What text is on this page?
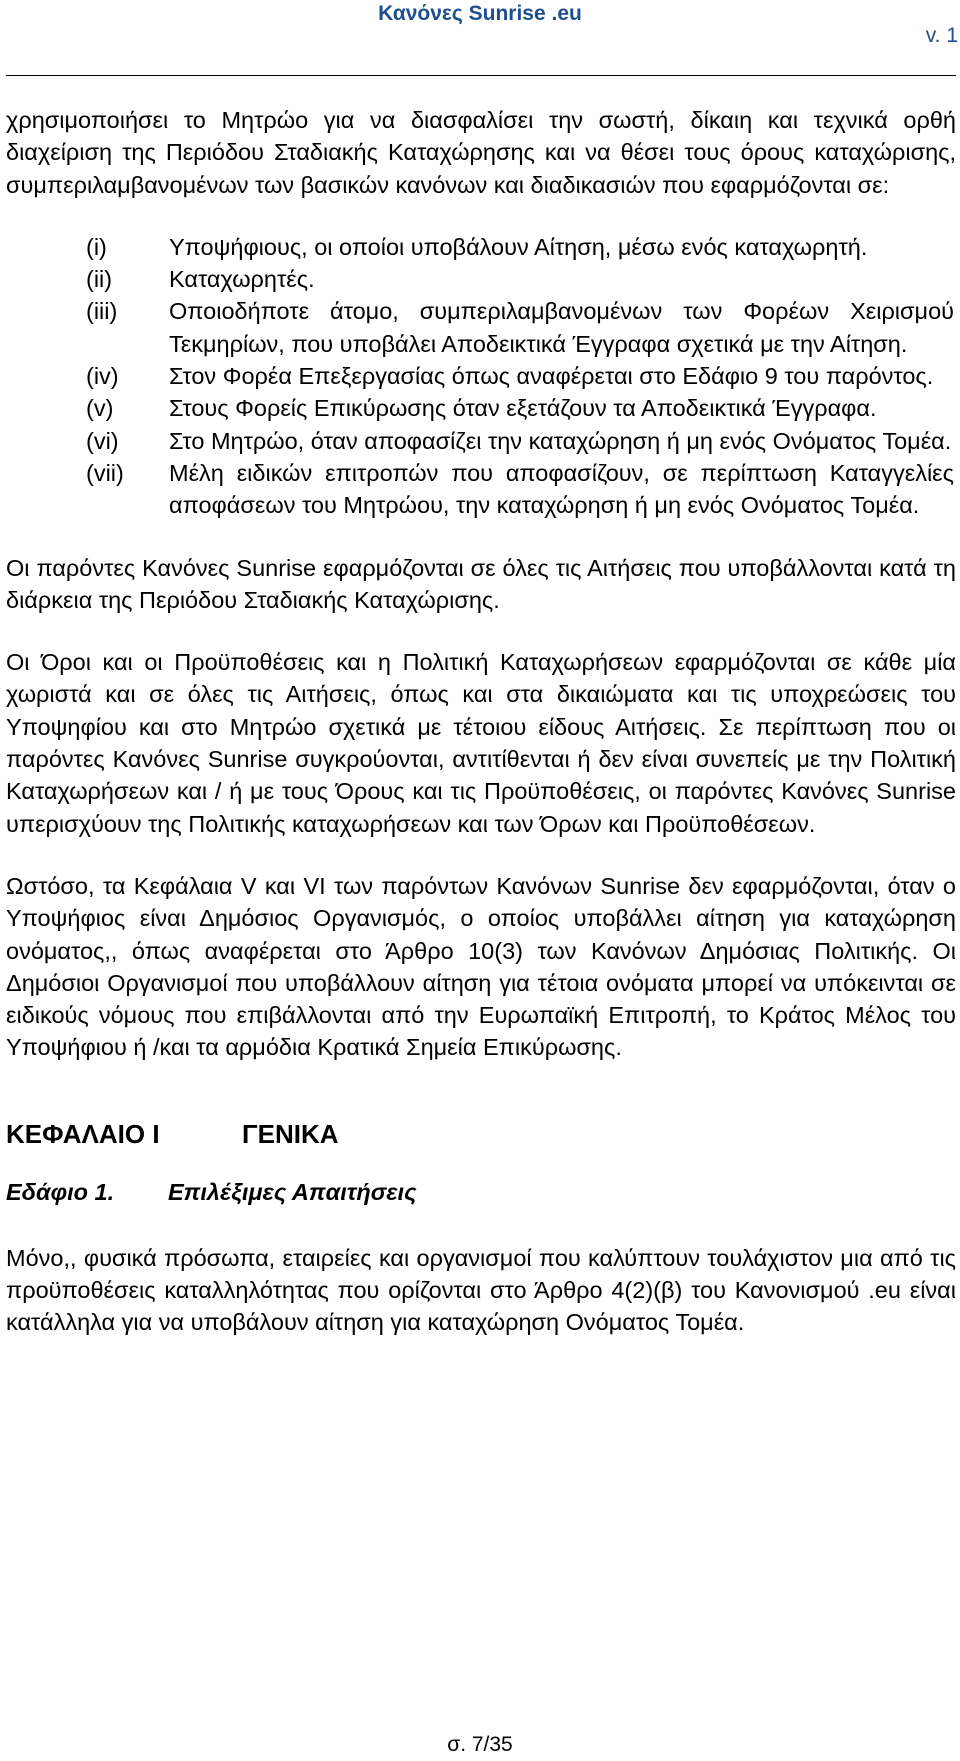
Κανόνες Sunrise .eu
v. 1

χρησιμοποιήσει το Μητρώο για να διασφαλίσει την σωστή, δίκαιη και τεχνικά ορθή διαχείριση της Περιόδου Σταδιακής Καταχώρησης και να θέσει τους όρους καταχώρισης, συμπεριλαμβανομένων των βασικών κανόνων και διαδικασιών που εφαρμόζονται σε:

(i)	Υποψήφιους, οι οποίοι υποβάλουν Αίτηση, μέσω ενός καταχωρητή.
(ii)	Καταχωρητές.
(iii)	Οποιοδήποτε άτομο, συμπεριλαμβανομένων των Φορέων Χειρισμού Τεκμηρίων, που υποβάλει Αποδεικτικά Έγγραφα σχετικά με την Αίτηση.
(iv)	Στον Φορέα Επεξεργασίας όπως αναφέρεται στο Εδάφιο 9 του παρόντος.
(v)	Στους Φορείς Επικύρωσης όταν εξετάζουν τα Αποδεικτικά Έγγραφα.
(vi)	Στο Μητρώο, όταν αποφασίζει την καταχώρηση ή μη ενός Ονόματος Τομέα.
(vii)	Μέλη ειδικών επιτροπών που αποφασίζουν, σε περίπτωση Καταγγελίες αποφάσεων του Μητρώου, την καταχώρηση ή μη ενός Ονόματος Τομέα.

Οι παρόντες Κανόνες Sunrise εφαρμόζονται σε όλες τις Αιτήσεις που υποβάλλονται κατά τη διάρκεια της Περιόδου Σταδιακής Καταχώρισης.

Οι Όροι και οι Προϋποθέσεις και η Πολιτική Καταχωρήσεων εφαρμόζονται σε κάθε μία χωριστά και σε όλες τις Αιτήσεις, όπως και στα δικαιώματα και τις υποχρεώσεις του Υποψηφίου και στο Μητρώο σχετικά με τέτοιου είδους Αιτήσεις. Σε περίπτωση που οι παρόντες Κανόνες Sunrise συγκρούονται, αντιτίθενται ή δεν είναι συνεπείς με την Πολιτική Καταχωρήσεων και / ή με τους Όρους και τις Προϋποθέσεις, οι παρόντες Κανόνες Sunrise υπερισχύουν της Πολιτικής καταχωρήσεων και των Όρων και Προϋποθέσεων.

Ωστόσο, τα Κεφάλαια V και VI των παρόντων Κανόνων Sunrise δεν εφαρμόζονται, όταν ο Υποψήφιος είναι Δημόσιος Οργανισμός, ο οποίος υποβάλλει αίτηση για καταχώρηση ονόματος,, όπως αναφέρεται στο Άρθρο 10(3) των Κανόνων Δημόσιας Πολιτικής. Οι Δημόσιοι Οργανισμοί που υποβάλλουν αίτηση για τέτοια ονόματα μπορεί να υπόκεινται σε ειδικούς νόμους που επιβάλλονται από την Ευρωπαϊκή Επιτροπή, το Κράτος Μέλος του Υποψήφιου ή /και τα αρμόδια Κρατικά Σημεία Επικύρωσης.

ΚΕΦΑΛΑΙΟ Ι	ΓΕΝΙΚΑ
Εδάφιο 1.	Επιλέξιμες Απαιτήσεις

Μόνο,, φυσικά πρόσωπα, εταιρείες και οργανισμοί που καλύπτουν τουλάχιστον μια από τις προϋποθέσεις καταλληλότητας που ορίζονται στο Άρθρο 4(2)(β) του Κανονισμού .eu είναι κατάλληλα για να υποβάλουν αίτηση για καταχώρηση Ονόματος Τομέα.

σ. 7/35
